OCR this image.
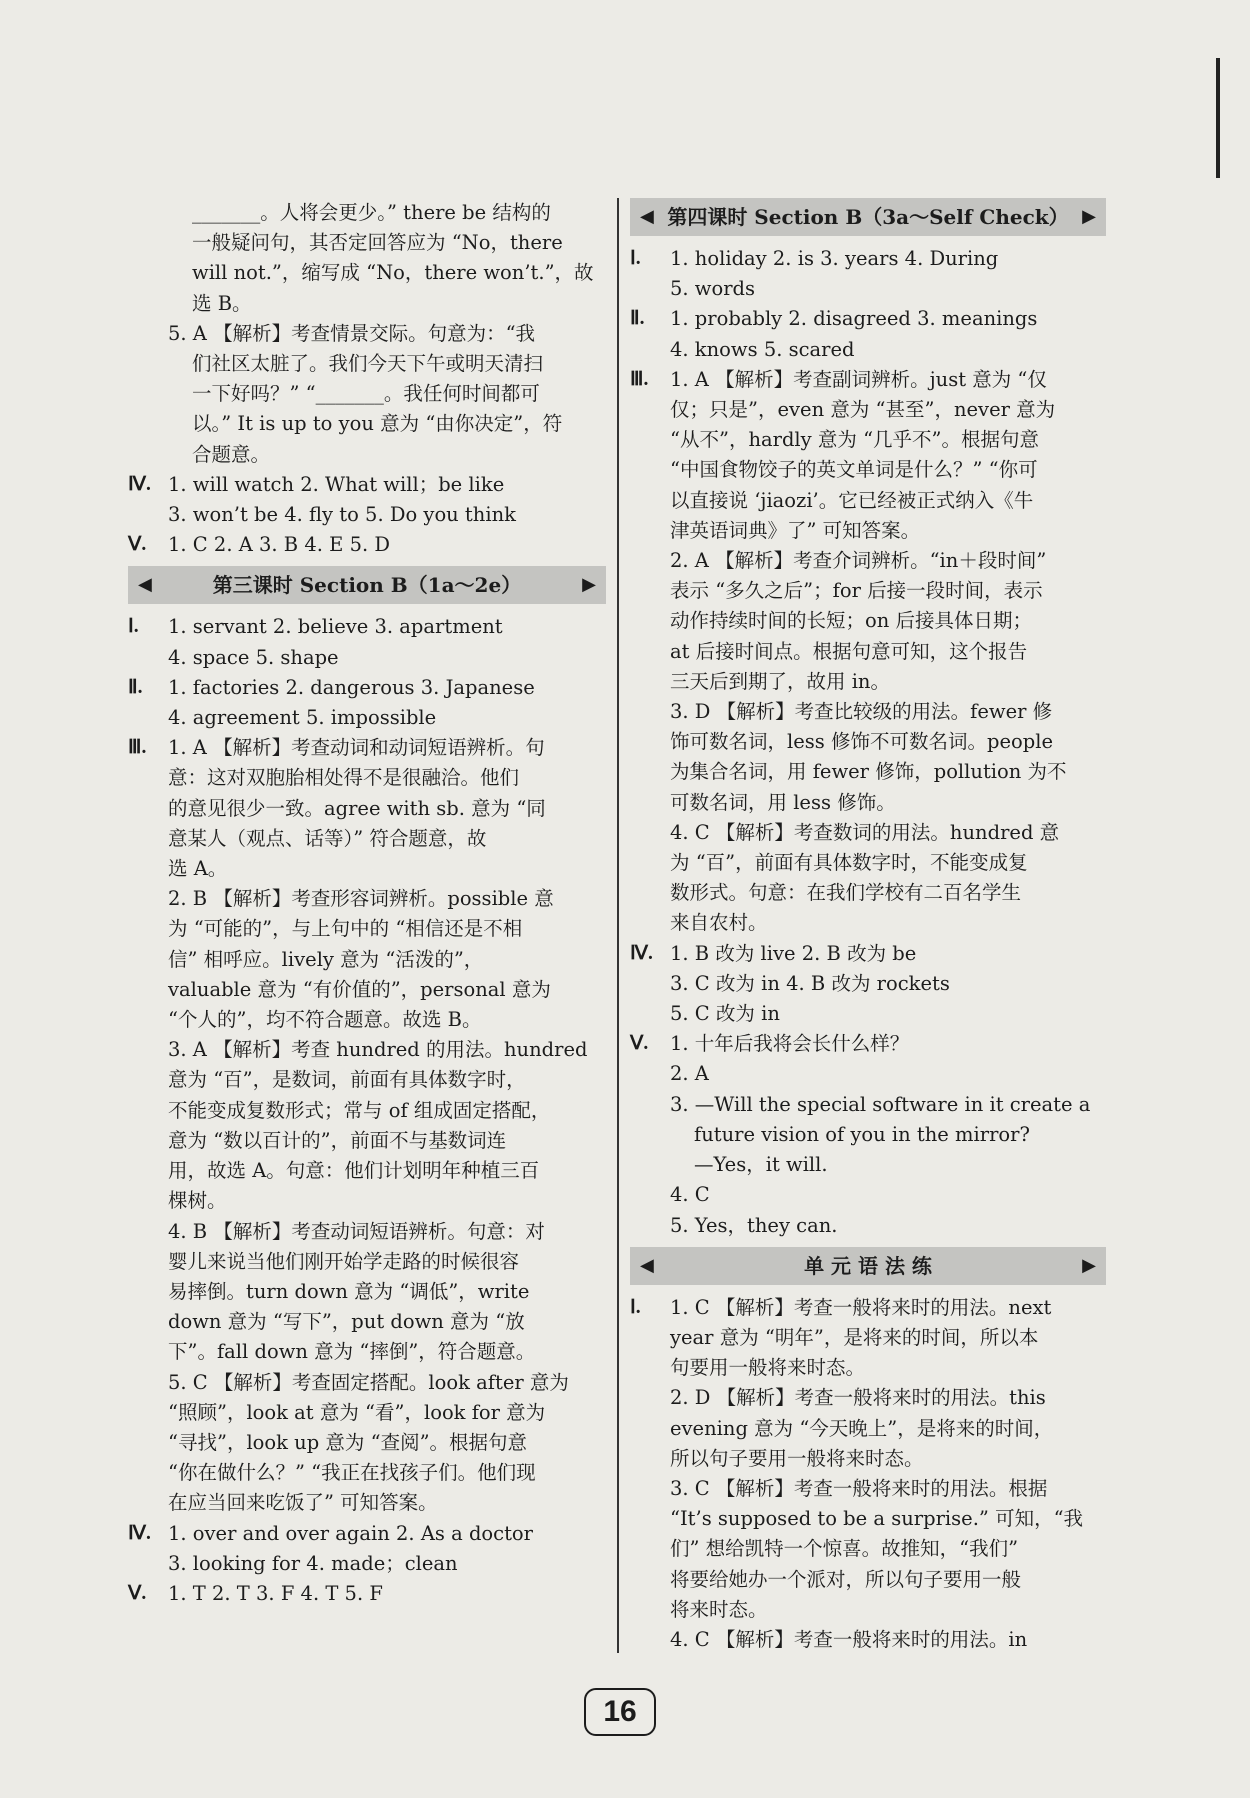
_______。人将会更少。” there be 结构的

一般疑问句，其否定回答应为 “No，there

will not.”，缩写成 “No，there won’t.”，故

选 B。

5. A 【解析】考查情景交际。句意为：“我

们社区太脏了。我们今天下午或明天清扫

一下好吗？” “_______。我任何时间都可

以。” It is up to you 意为 “由你决定”，符

合题意。

Ⅳ. 1. will watch 2. What will；be like

3. won’t be 4. fly to 5. Do you think

Ⅴ.	1. C 2. A 3. B 4. E 5. D

◀	第三课时 Section B（1a～2e）	▶
Ⅰ.	1. servant 2. believe 3. apartment

4. space 5. shape

Ⅱ.	1. factories 2. dangerous 3. Japanese

4. agreement 5. impossible

Ⅲ.	1. A 【解析】考查动词和动词短语辨析。句

意：这对双胞胎相处得不是很融洽。他们

的意见很少一致。agree with sb. 意为 “同

意某人（观点、话等）” 符合题意，故

选 A。

2. B 【解析】考查形容词辨析。possible 意

为 “可能的”，与上句中的 “相信还是不相

信” 相呼应。lively 意为 “活泼的”，

valuable 意为 “有价值的”，personal 意为

“个人的”，均不符合题意。故选 B。

3. A 【解析】考查 hundred 的用法。hundred

意为 “百”，是数词，前面有具体数字时，

不能变成复数形式；常与 of 组成固定搭配，

意为 “数以百计的”，前面不与基数词连

用，故选 A。句意：他们计划明年种植三百

棵树。

4. B 【解析】考查动词短语辨析。句意：对

婴儿来说当他们刚开始学走路的时候很容

易摔倒。turn down 意为 “调低”，write

down 意为 “写下”，put down 意为 “放

下”。fall down 意为 “摔倒”，符合题意。

5. C 【解析】考查固定搭配。look after 意为

“照顾”，look at 意为 “看”，look for 意为

“寻找”，look up 意为 “查阅”。根据句意

“你在做什么？” “我正在找孩子们。他们现

在应当回来吃饭了” 可知答案。

Ⅳ. 1. over and over again 2. As a doctor

3. looking for 4. made；clean

Ⅴ.	1. T 2. T 3. F 4. T 5. F

◀ 第四课时 Section B（3a～Self Check） ▶
Ⅰ.	1. holiday 2. is 3. years 4. During

5. words

Ⅱ.	1. probably 2. disagreed 3. meanings

4. knows 5. scared

Ⅲ.	1. A 【解析】考查副词辨析。just 意为 “仅

仅；只是”，even 意为 “甚至”，never 意为

“从不”，hardly 意为 “几乎不”。根据句意

“中国食物饺子的英文单词是什么？” “你可

以直接说 ‘jiaozi’。它已经被正式纳入《牛

津英语词典》了” 可知答案。

2. A 【解析】考查介词辨析。“in＋段时间”

表示 “多久之后”；for 后接一段时间，表示

动作持续时间的长短；on 后接具体日期；

at 后接时间点。根据句意可知，这个报告

三天后到期了，故用 in。

3. D 【解析】考查比较级的用法。fewer 修

饰可数名词，less 修饰不可数名词。people

为集合名词，用 fewer 修饰，pollution 为不

可数名词，用 less 修饰。

4. C 【解析】考查数词的用法。hundred 意

为 “百”，前面有具体数字时，不能变成复

数形式。句意：在我们学校有二百名学生

来自农村。

Ⅳ. 1. B 改为 live 2. B 改为 be

3. C 改为 in 4. B 改为 rockets

5. C 改为 in

Ⅴ.	1. 十年后我将会长什么样？

2. A

3. —Will the special software in it create a

future vision of you in the mirror?

—Yes，it will.

4. C

5. Yes，they can.

◀	单 元 语 法 练	▶
Ⅰ.	1. C 【解析】考查一般将来时的用法。next

year 意为 “明年”，是将来的时间，所以本

句要用一般将来时态。

2. D 【解析】考查一般将来时的用法。this

evening 意为 “今天晚上”，是将来的时间，

所以句子要用一般将来时态。

3. C 【解析】考查一般将来时的用法。根据

“It’s supposed to be a surprise.” 可知，“我

们” 想给凯特一个惊喜。故推知，“我们”

将要给她办一个派对，所以句子要用一般

将来时态。

4. C 【解析】考查一般将来时的用法。in

16
